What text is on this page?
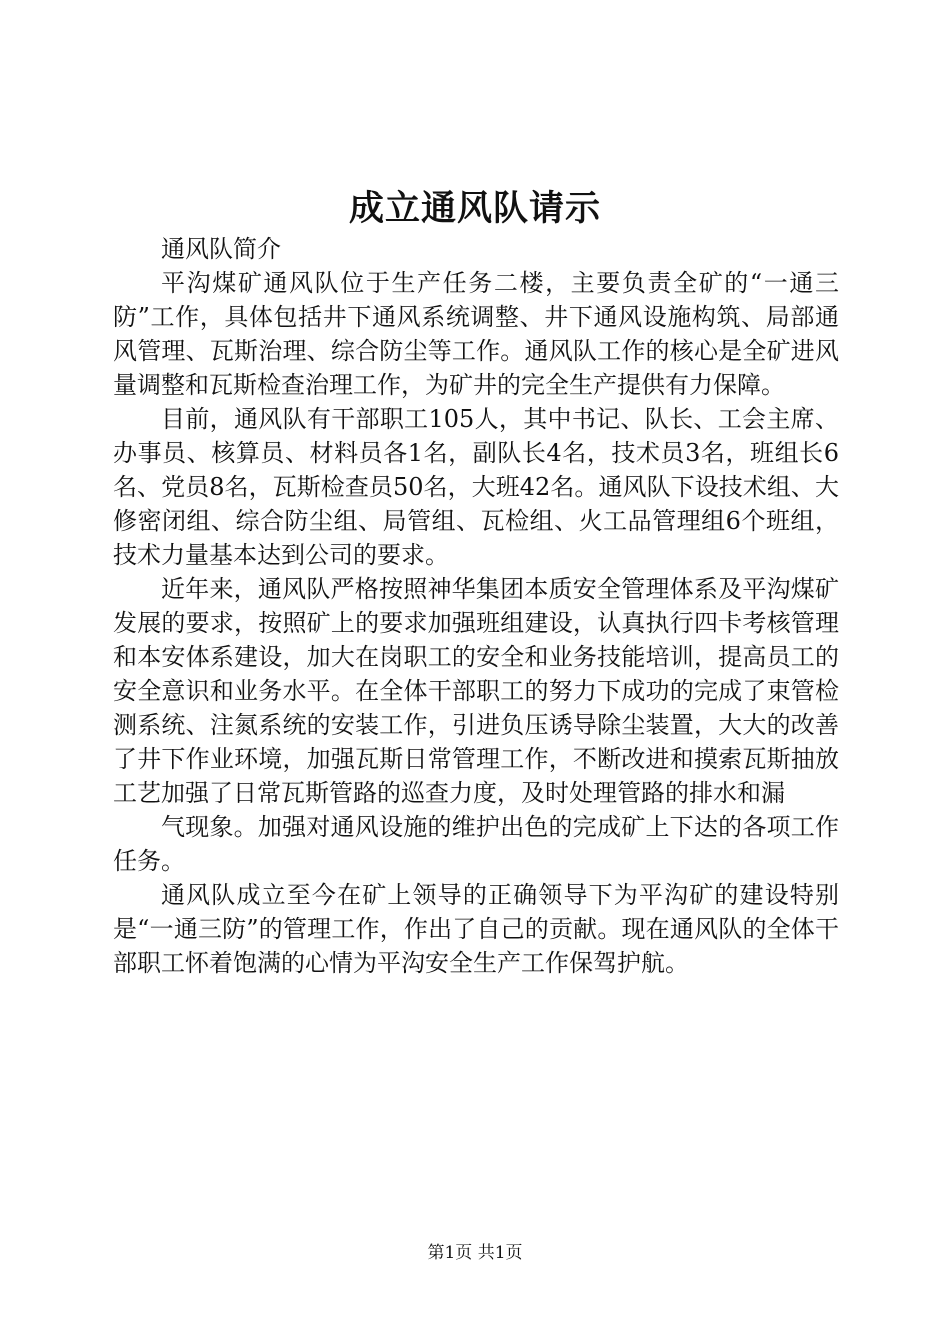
成立通风队请示

通风队简介

平沟煤矿通风队位于生产任务二楼，主要负责全矿的“一通三防”工作，具体包括井下通风系统调整、井下通风设施构筑、局部通风管理、瓦斯治理、综合防尘等工作。通风队工作的核心是全矿进风量调整和瓦斯检查治理工作，为矿井的完全生产提供有力保障。

目前，通风队有干部职工105人，其中书记、队长、工会主席、办事员、核算员、材料员各1名，副队长4名，技术员3名，班组长6名、党员8名，瓦斯检查员50名，大班42名。通风队下设技术组、大修密闭组、综合防尘组、局管组、瓦检组、火工品管理组6个班组，技术力量基本达到公司的要求。

近年来，通风队严格按照神华集团本质安全管理体系及平沟煤矿发展的要求，按照矿上的要求加强班组建设，认真执行四卡考核管理和本安体系建设，加大在岗职工的安全和业务技能培训，提高员工的安全意识和业务水平。在全体干部职工的努力下成功的完成了束管检测系统、注氮系统的安装工作，引进负压诱导除尘装置，大大的改善了井下作业环境，加强瓦斯日常管理工作，不断改进和摸索瓦斯抽放工艺加强了日常瓦斯管路的巡查力度，及时处理管路的排水和漏

气现象。加强对通风设施的维护出色的完成矿上下达的各项工作任务。

通风队成立至今在矿上领导的正确领导下为平沟矿的建设特别是“一通三防”的管理工作，作出了自己的贡献。现在通风队的全体干部职工怀着饱满的心情为平沟安全生产工作保驾护航。

第1页 共1页
